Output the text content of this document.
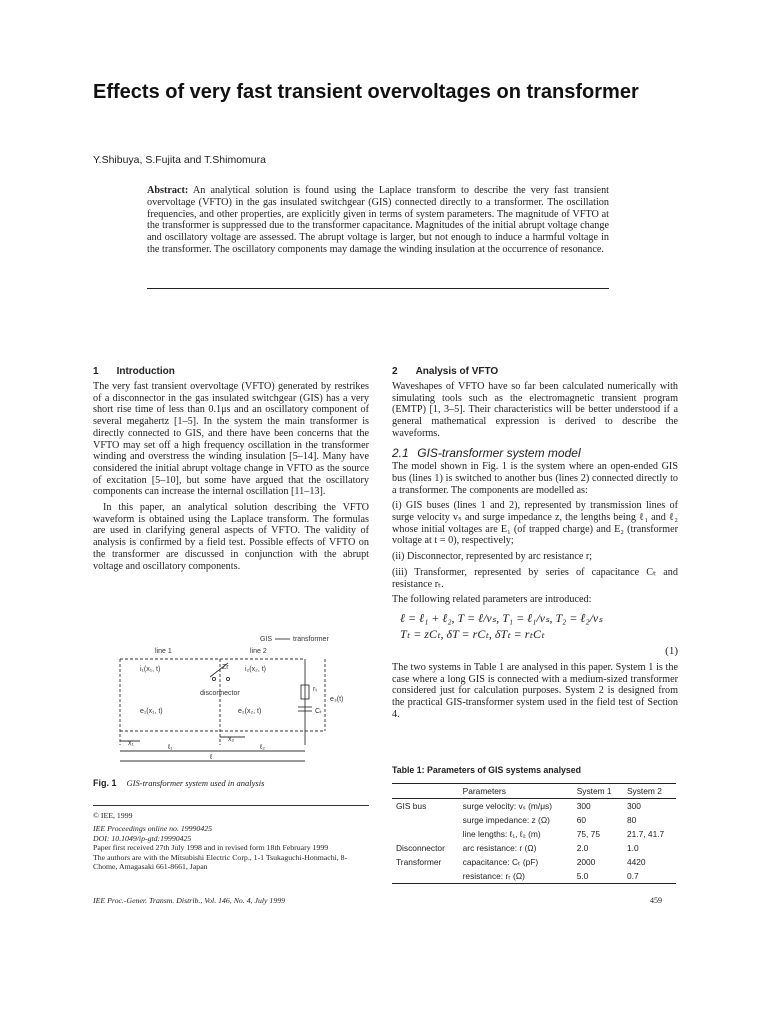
Effects of very fast transient overvoltages on transformer
Y.Shibuya, S.Fujita and T.Shimomura
Abstract: An analytical solution is found using the Laplace transform to describe the very fast transient overvoltage (VFTO) in the gas insulated switchgear (GIS) connected directly to a transformer. The oscillation frequencies, and other properties, are explicitly given in terms of system parameters. The magnitude of VFTO at the transformer is suppressed due to the transformer capacitance. Magnitudes of the initial abrupt voltage change and oscillatory voltage are assessed. The abrupt voltage is larger, but not enough to induce a harmful voltage in the transformer. The oscillatory components may damage the winding insulation at the occurrence of resonance.
1 Introduction

The very fast transient overvoltage (VFTO) generated by restrikes of a disconnector in the gas insulated switchgear (GIS) has a very short rise time of less than 0.1μs and an oscillatory component of several megahertz [1–5]. In the system the main transformer is directly connected to GIS, and there have been concerns that the VFTO may set off a high frequency oscillation in the transformer winding and overstress the winding insulation [5–14]. Many have considered the initial abrupt voltage change in VFTO as the source of excitation [5–10], but some have argued that the oscillatory components can increase the internal oscillation [11–13].

In this paper, an analytical solution describing the VFTO waveform is obtained using the Laplace transform. The formulas are used in clarifying general aspects of VFTO. The validity of analysis is confirmed by a field test. Possible effects of VFTO on the transformer are discussed in conjunction with the abrupt voltage and oscillatory components.

GIS	transformer
line 1	line 2
i₁(x₁, t)	i₂(x₂, t)
Zr
disconnector
e₁(x₁, t)	e₂(x₂, t)
e₃(t)
rₜ
Cₜ
x₁
x₂
ℓ₁	ℓ₂
ℓ
Fig. 1 GIS-transformer system used in analysis
© IEE, 1999
IEE Proceedings online no. 19990425
DOI: 10.1049/ip-gtd:19990425
Paper first received 27th July 1998 and in revised form 18th February 1999
The authors are with the Mitsubishi Electric Corp., 1-1 Tsukaguchi-Honmachi, 8-Chome, Amagasaki 661-8661, Japan
2 Analysis of VFTO

Waveshapes of VFTO have so far been calculated numerically with simulating tools such as the electromagnetic transient program (EMTP) [1, 3–5]. Their characteristics will be better understood if a general mathematical expression is derived to describe the waveforms.

2.1 GIS-transformer system model

The model shown in Fig. 1 is the system where an open-ended GIS bus (lines 1) is switched to another bus (lines 2) connected directly to a transformer. The components are modelled as:

(i) GIS buses (lines 1 and 2), represented by transmission lines of surge velocity vₛ and surge impedance z, the lengths being ℓ₁ and ℓ₂ whose initial voltages are E₁ (of trapped charge) and E₂ (transformer voltage at t = 0), respectively;

(ii) Disconnector, represented by arc resistance r;

(iii) Transformer, represented by series of capacitance Cₜ and resistance rₜ.

The following related parameters are introduced:

ℓ = ℓ₁ + ℓ₂, T = ℓ/vₛ, T₁ = ℓ₁/vₛ, T₂ = ℓ₂/vₛ
Tₜ = zCₜ, δT = rCₜ, δTₜ = rₜCₜ
(1)

The two systems in Table 1 are analysed in this paper. System 1 is the case where a long GIS is connected with a medium-sized transformer considered just for calculation purposes. System 2 is designed from the practical GIS-transformer system used in the field test of Section 4.

Table 1: Parameters of GIS systems analysed
	Parameters	System 1	System 2
GIS bus	surge velocity: vₛ (m/μs)	300	300
	surge impedance: z (Ω)	60	80
	line lengths: ℓ₁, ℓ₂ (m)	75, 75	21.7, 41.7
Disconnector	arc resistance: r (Ω)	2.0	1.0
Transformer	capacitance: Cₜ (pF)	2000	4420
	resistance: rₜ (Ω)	5.0	0.7
IEE Proc.-Gener. Transm. Distrib., Vol. 146, No. 4, July 1999	459
